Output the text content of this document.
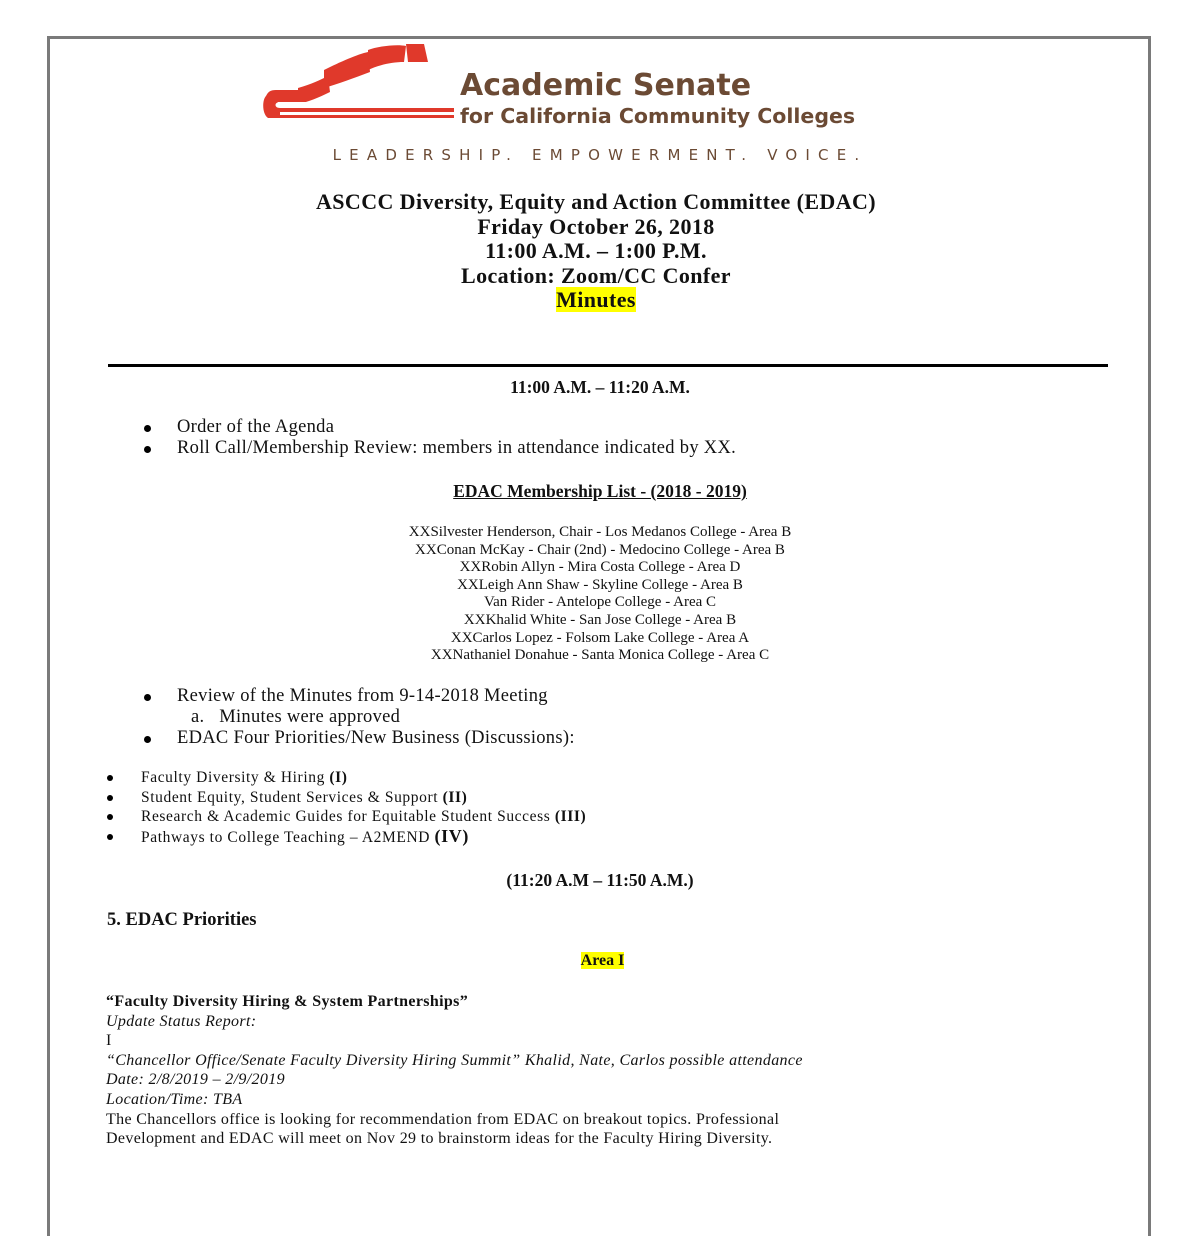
Academic Senate
for California Community Colleges
LEADERSHIP. EMPOWERMENT. VOICE.
ASCCC Diversity, Equity and Action Committee (EDAC)
Friday October 26, 2018
11:00 A.M. – 1:00 P.M.
Location: Zoom/CC Confer
Minutes
11:00 A.M. – 11:20 A.M.
Order of the Agenda
Roll Call/Membership Review: members in attendance indicated by XX.
EDAC Membership List - (2018 - 2019)
XXSilvester Henderson, Chair - Los Medanos College - Area B
XXConan McKay - Chair (2nd) - Medocino College - Area B
XXRobin Allyn - Mira Costa College - Area D
XXLeigh Ann Shaw - Skyline College - Area B
Van Rider - Antelope College - Area C
XXKhalid White - San Jose College - Area B
XXCarlos Lopez - Folsom Lake College - Area A
XXNathaniel Donahue - Santa Monica College - Area C
Review of the Minutes from 9-14-2018 Meeting
a. Minutes were approved
EDAC Four Priorities/New Business (Discussions):
Faculty Diversity & Hiring (I)
Student Equity, Student Services & Support (II)
Research & Academic Guides for Equitable Student Success (III)
Pathways to College Teaching – A2MEND (IV)
(11:20 A.M – 11:50 A.M.)
5. EDAC Priorities
Area I
“Faculty Diversity Hiring & System Partnerships”
Update Status Report:
I
“Chancellor Office/Senate Faculty Diversity Hiring Summit” Khalid, Nate, Carlos possible attendance
Date: 2/8/2019 – 2/9/2019
Location/Time: TBA
The Chancellors office is looking for recommendation from EDAC on breakout topics. Professional
Development and EDAC will meet on Nov 29 to brainstorm ideas for the Faculty Hiring Diversity.
